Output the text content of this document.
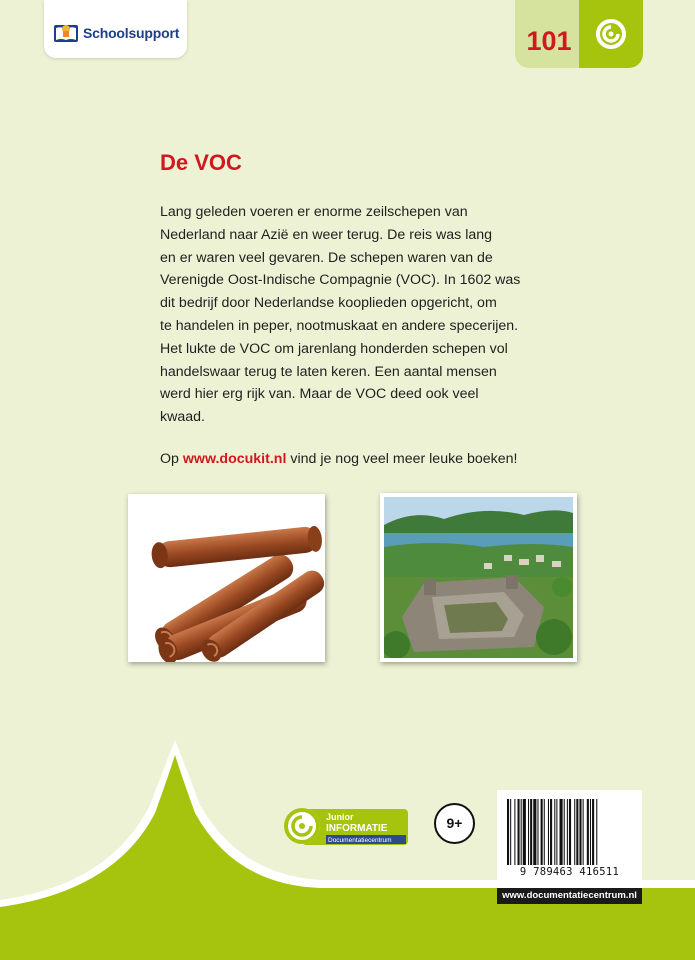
Schoolsupport	101
De VOC
Lang geleden voeren er enorme zeilschepen van
Nederland naar Azië en weer terug. De reis was lang
en er waren veel gevaren. De schepen waren van de
Verenigde Oost-Indische Compagnie (VOC). In 1602 was
dit bedrijf door Nederlandse kooplieden opgericht, om
te handelen in peper, nootmuskaat en andere specerijen.
Het lukte de VOC om jarenlang honderden schepen vol
handelswaar terug te laten keren. Een aantal mensen
werd hier erg rijk van. Maar de VOC deed ook veel
kwaad.

Op www.docukit.nl vind je nog veel meer leuke boeken!

Junior
INFORMATIE
Documentatiecentrum
9+
9 789463 416511
www.documentatiecentrum.nl
